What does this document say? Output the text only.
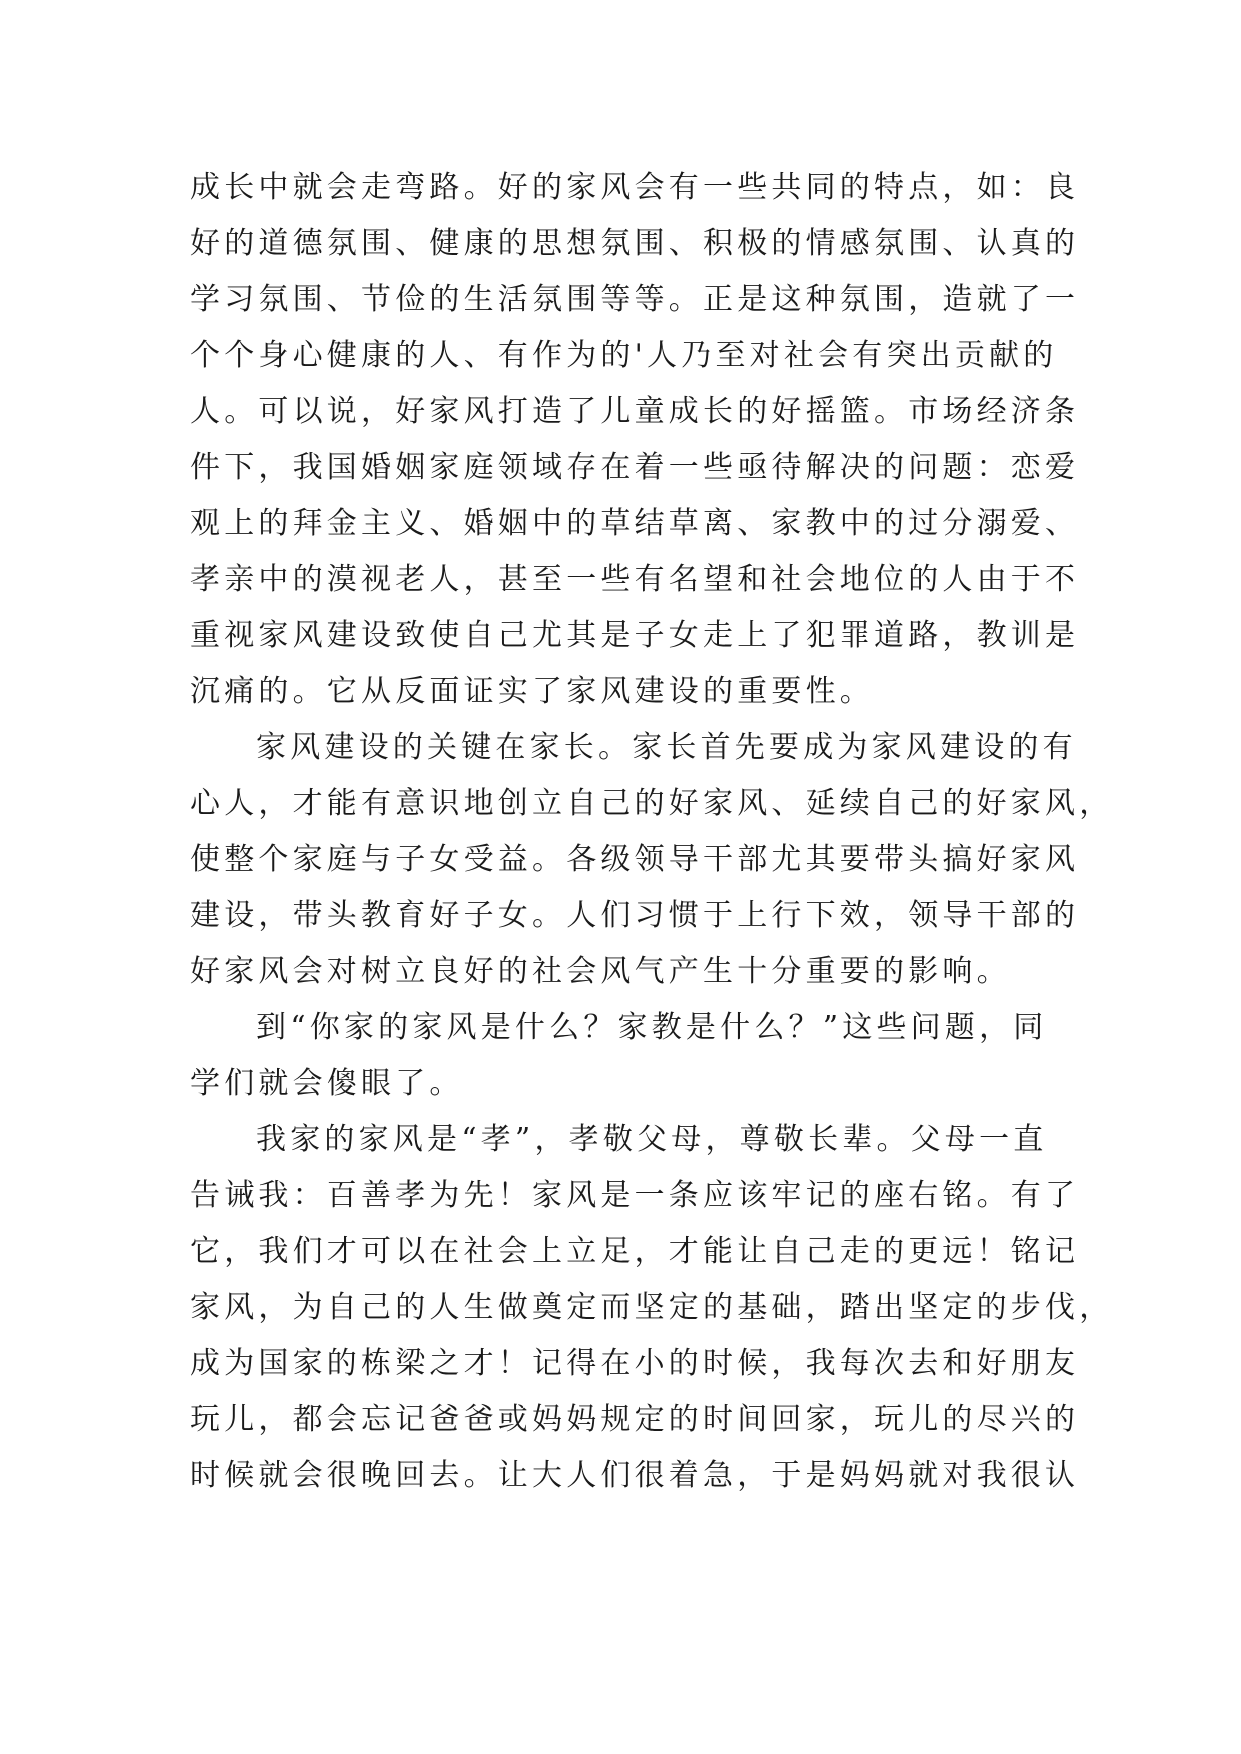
成长中就会走弯路。好的家风会有一些共同的特点，如：良
好的道德氛围、健康的思想氛围、积极的情感氛围、认真的
学习氛围、节俭的生活氛围等等。正是这种氛围，造就了一
个个身心健康的人、有作为的'人乃至对社会有突出贡献的
人。可以说，好家风打造了儿童成长的好摇篮。市场经济条
件下，我国婚姻家庭领域存在着一些亟待解决的问题：恋爱
观上的拜金主义、婚姻中的草结草离、家教中的过分溺爱、
孝亲中的漠视老人，甚至一些有名望和社会地位的人由于不
重视家风建设致使自己尤其是子女走上了犯罪道路，教训是
沉痛的。它从反面证实了家风建设的重要性。
家风建设的关键在家长。家长首先要成为家风建设的有
心人，才能有意识地创立自己的好家风、延续自己的好家风，
使整个家庭与子女受益。各级领导干部尤其要带头搞好家风
建设，带头教育好子女。人们习惯于上行下效，领导干部的
好家风会对树立良好的社会风气产生十分重要的影响。
到“你家的家风是什么？家教是什么？”这些问题，同
学们就会傻眼了。
我家的家风是“孝”，孝敬父母，尊敬长辈。父母一直
告诫我：百善孝为先！家风是一条应该牢记的座右铭。有了
它，我们才可以在社会上立足，才能让自己走的更远！铭记
家风，为自己的人生做奠定而坚定的基础，踏出坚定的步伐，
成为国家的栋梁之才！记得在小的时候，我每次去和好朋友
玩儿，都会忘记爸爸或妈妈规定的时间回家，玩儿的尽兴的
时候就会很晚回去。让大人们很着急，于是妈妈就对我很认
